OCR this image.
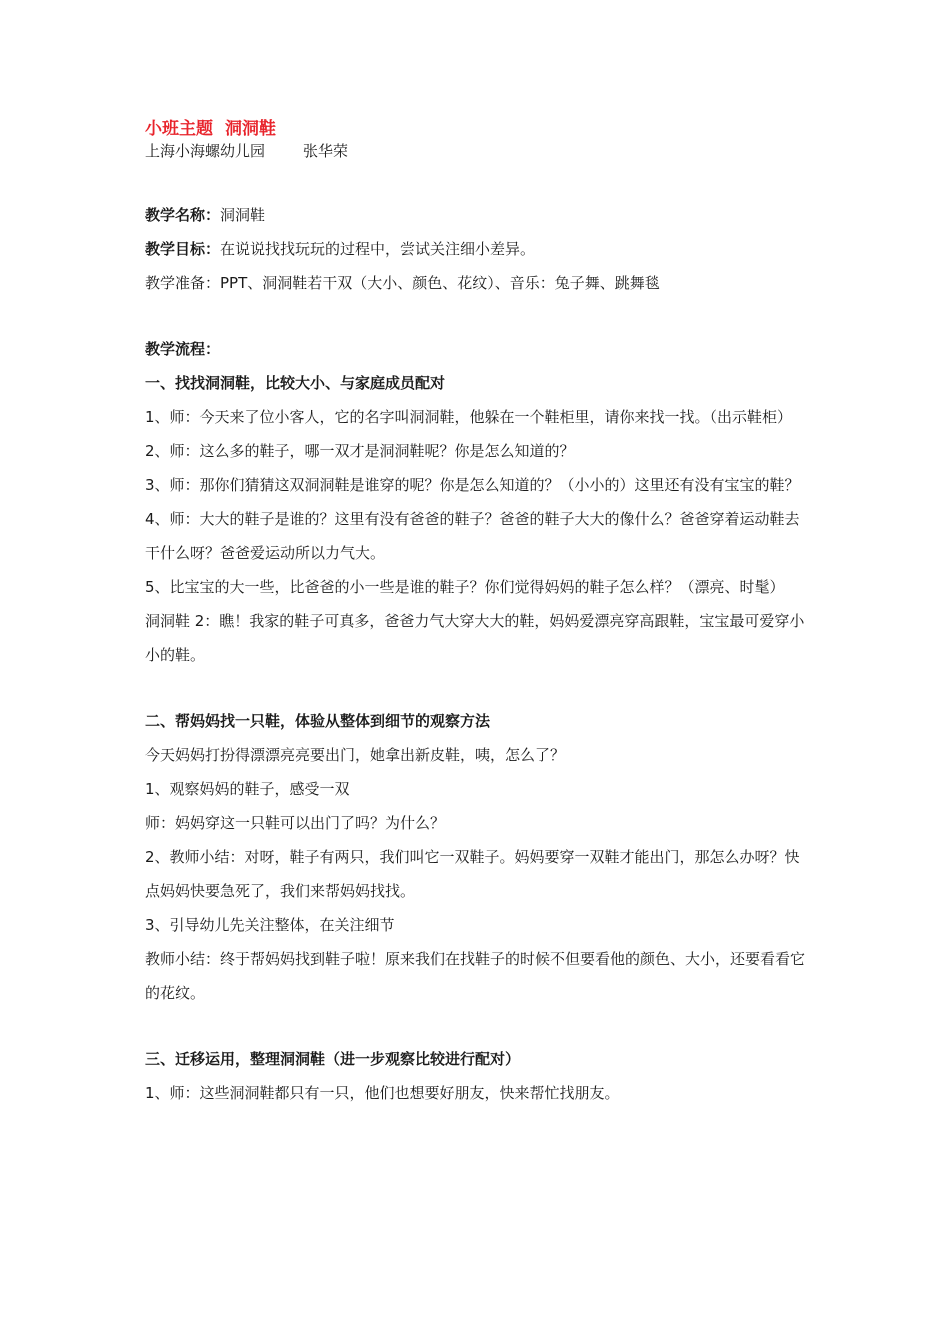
小班主题 洞洞鞋
上海小海螺幼儿园	张华荣

教学名称：洞洞鞋

教学目标：在说说找找玩玩的过程中，尝试关注细小差异。

教学准备：PPT、洞洞鞋若干双（大小、颜色、花纹）、音乐：兔子舞、跳舞毯

教学流程：

一、找找洞洞鞋，比较大小、与家庭成员配对

1、师：今天来了位小客人，它的名字叫洞洞鞋，他躲在一个鞋柜里，请你来找一找。（出示鞋柜）

2、师：这么多的鞋子，哪一双才是洞洞鞋呢？你是怎么知道的？

3、师：那你们猜猜这双洞洞鞋是谁穿的呢？你是怎么知道的？（小小的）这里还有没有宝宝的鞋？

4、师：大大的鞋子是谁的？这里有没有爸爸的鞋子？爸爸的鞋子大大的像什么？爸爸穿着运动鞋去干什么呀？爸爸爱运动所以力气大。

5、比宝宝的大一些，比爸爸的小一些是谁的鞋子？你们觉得妈妈的鞋子怎么样？（漂亮、时髦）

洞洞鞋 2：瞧！我家的鞋子可真多，爸爸力气大穿大大的鞋，妈妈爱漂亮穿高跟鞋，宝宝最可爱穿小小的鞋。

二、帮妈妈找一只鞋，体验从整体到细节的观察方法

今天妈妈打扮得漂漂亮亮要出门，她拿出新皮鞋，咦，怎么了？

1、观察妈妈的鞋子，感受一双

师：妈妈穿这一只鞋可以出门了吗？为什么？

2、教师小结：对呀，鞋子有两只，我们叫它一双鞋子。妈妈要穿一双鞋才能出门，那怎么办呀？快点妈妈快要急死了，我们来帮妈妈找找。

3、引导幼儿先关注整体，在关注细节

教师小结：终于帮妈妈找到鞋子啦！原来我们在找鞋子的时候不但要看他的颜色、大小，还要看看它的花纹。

三、迁移运用，整理洞洞鞋（进一步观察比较进行配对）

1、师：这些洞洞鞋都只有一只，他们也想要好朋友，快来帮忙找朋友。
